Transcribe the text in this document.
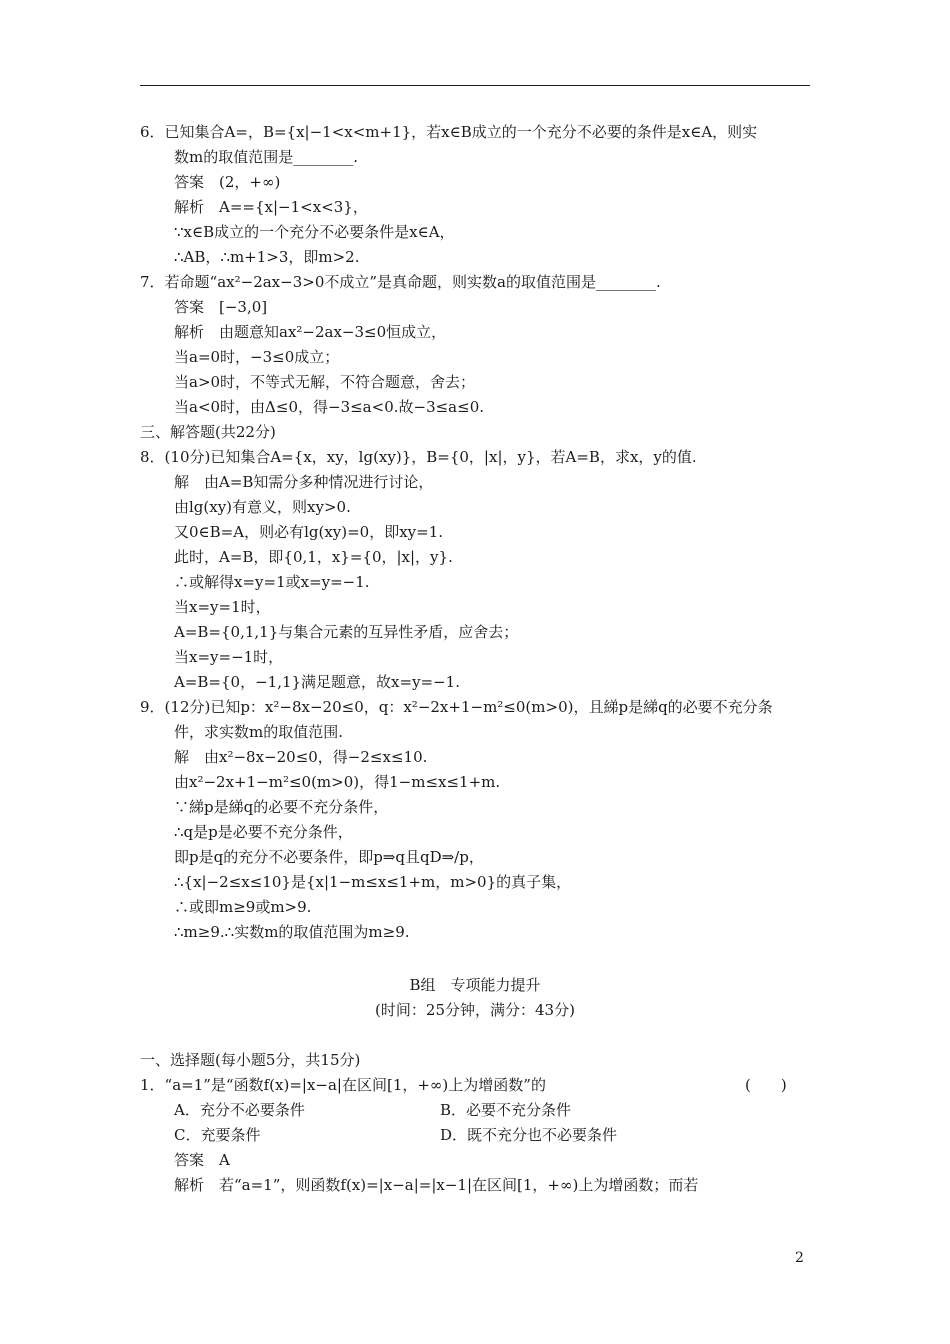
6．已知集合A=，B={x|−1<x<m+1}，若x∈B成立的一个充分不必要的条件是x∈A，则实
数m的取值范围是________.
答案　(2，+∞)
解析　A=={x|−1<x<3}，
∵x∈B成立的一个充分不必要条件是x∈A，
∴AB，∴m+1>3，即m>2.
7．若命题“ax²−2ax−3>0不成立”是真命题，则实数a的取值范围是________.
答案　[−3,0]
解析　由题意知ax²−2ax−3≤0恒成立，
当a=0时，−3≤0成立；
当a>0时，不等式无解，不符合题意，舍去；
当a<0时，由Δ≤0，得−3≤a<0.故−3≤a≤0.
三、解答题(共22分)
8．(10分)已知集合A={x，xy，lg(xy)}，B={0，|x|，y}，若A=B，求x，y的值.
解　由A=B知需分多种情况进行讨论，
由lg(xy)有意义，则xy>0.
又0∈B=A，则必有lg(xy)=0，即xy=1.
此时，A=B，即{0,1，x}={0，|x|，y}.
∴或解得x=y=1或x=y=−1.
当x=y=1时，
A=B={0,1,1}与集合元素的互异性矛盾，应舍去；
当x=y=−1时，
A=B={0，−1,1}满足题意，故x=y=−1.
9．(12分)已知p：x²−8x−20≤0，q：x²−2x+1−m²≤0(m>0)，且綈p是綈q的必要不充分条
件，求实数m的取值范围.
解　由x²−8x−20≤0，得−2≤x≤10.
由x²−2x+1−m²≤0(m>0)，得1−m≤x≤1+m.
∵綈p是綈q的必要不充分条件，
∴q是p是必要不充分条件，
即p是q的充分不必要条件，即p⇒q且qD⇒/p，
∴{x|−2≤x≤10}是{x|1−m≤x≤1+m，m>0}的真子集，
∴或即m≥9或m>9.
∴m≥9.∴实数m的取值范围为m≥9.
一、选择题(每小题5分，共15分)
1．“a=1”是“函数f(x)=|x−a|在区间[1，+∞)上为增函数”的	(　　)
A．充分不必要条件	B．必要不充分条件
C．充要条件	D．既不充分也不必要条件
答案　A
解析　若“a=1”，则函数f(x)=|x−a|=|x−1|在区间[1，+∞)上为增函数；而若
B组　专项能力提升
(时间：25分钟，满分：43分)
2
